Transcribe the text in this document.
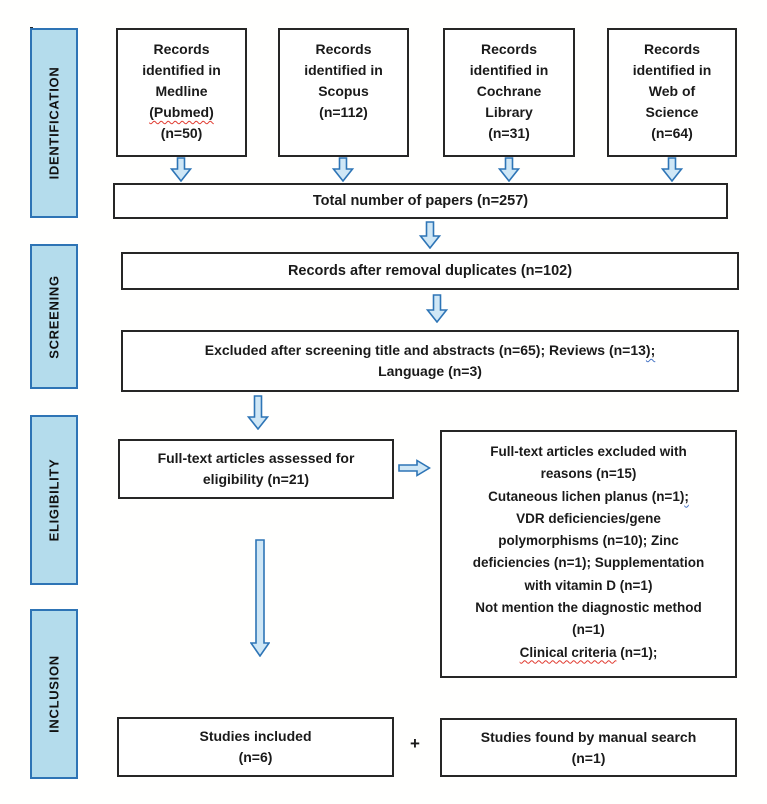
IDENTIFICATION
SCREENING
ELIGIBILITY
INCLUSION
Records
identified in
Medline
(Pubmed)
(n=50)
Records
identified in
Scopus
(n=112)
Records
identified in
Cochrane
Library
(n=31)
Records
identified in
Web of
Science
(n=64)
Total number of papers (n=257)
Records after removal duplicates (n=102)
Excluded after screening title and abstracts (n=65); Reviews (n=13);
Language (n=3)
Full-text articles assessed for
eligibility (n=21)
Full-text articles excluded with
reasons (n=15)
Cutaneous lichen planus (n=1);
VDR deficiencies/gene
polymorphisms (n=10); Zinc
deficiencies (n=1); Supplementation
with vitamin D (n=1)
Not mention the diagnostic method
(n=1)
Clinical criteria (n=1);
Studies included
(n=6)
+	Studies found by manual search
(n=1)
